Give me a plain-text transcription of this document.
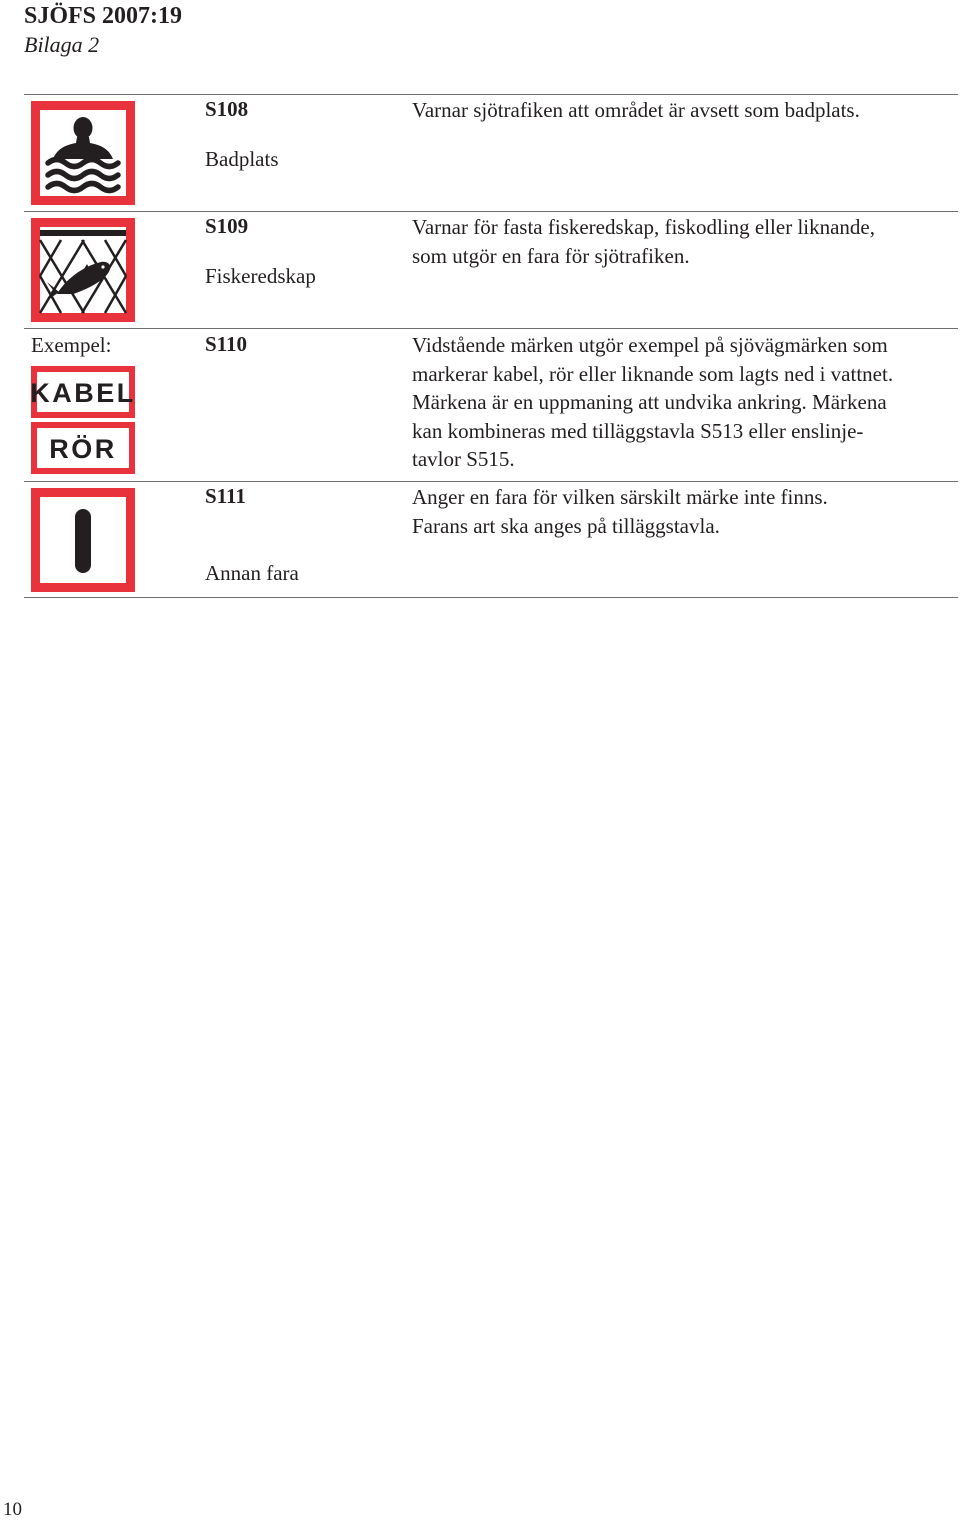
SJÖFS 2007:19
Bilaga 2
S108
Badplats
Varnar sjötrafiken att området är avsett som badplats.
S109
Fiskeredskap
Varnar för fasta fiskeredskap, fiskodling eller liknande,
som utgör en fara för sjötrafiken.
Exempel:
KABEL
RÖR
S110	Vidstående märken utgör exempel på sjövägmärken som
markerar kabel, rör eller liknande som lagts ned i vattnet.
Märkena är en uppmaning att undvika ankring. Märkena
kan kombineras med tilläggstavla S513 eller enslinje-
tavlor S515.
S111
Annan fara
Anger en fara för vilken särskilt märke inte finns.
Farans art ska anges på tilläggstavla.
10
